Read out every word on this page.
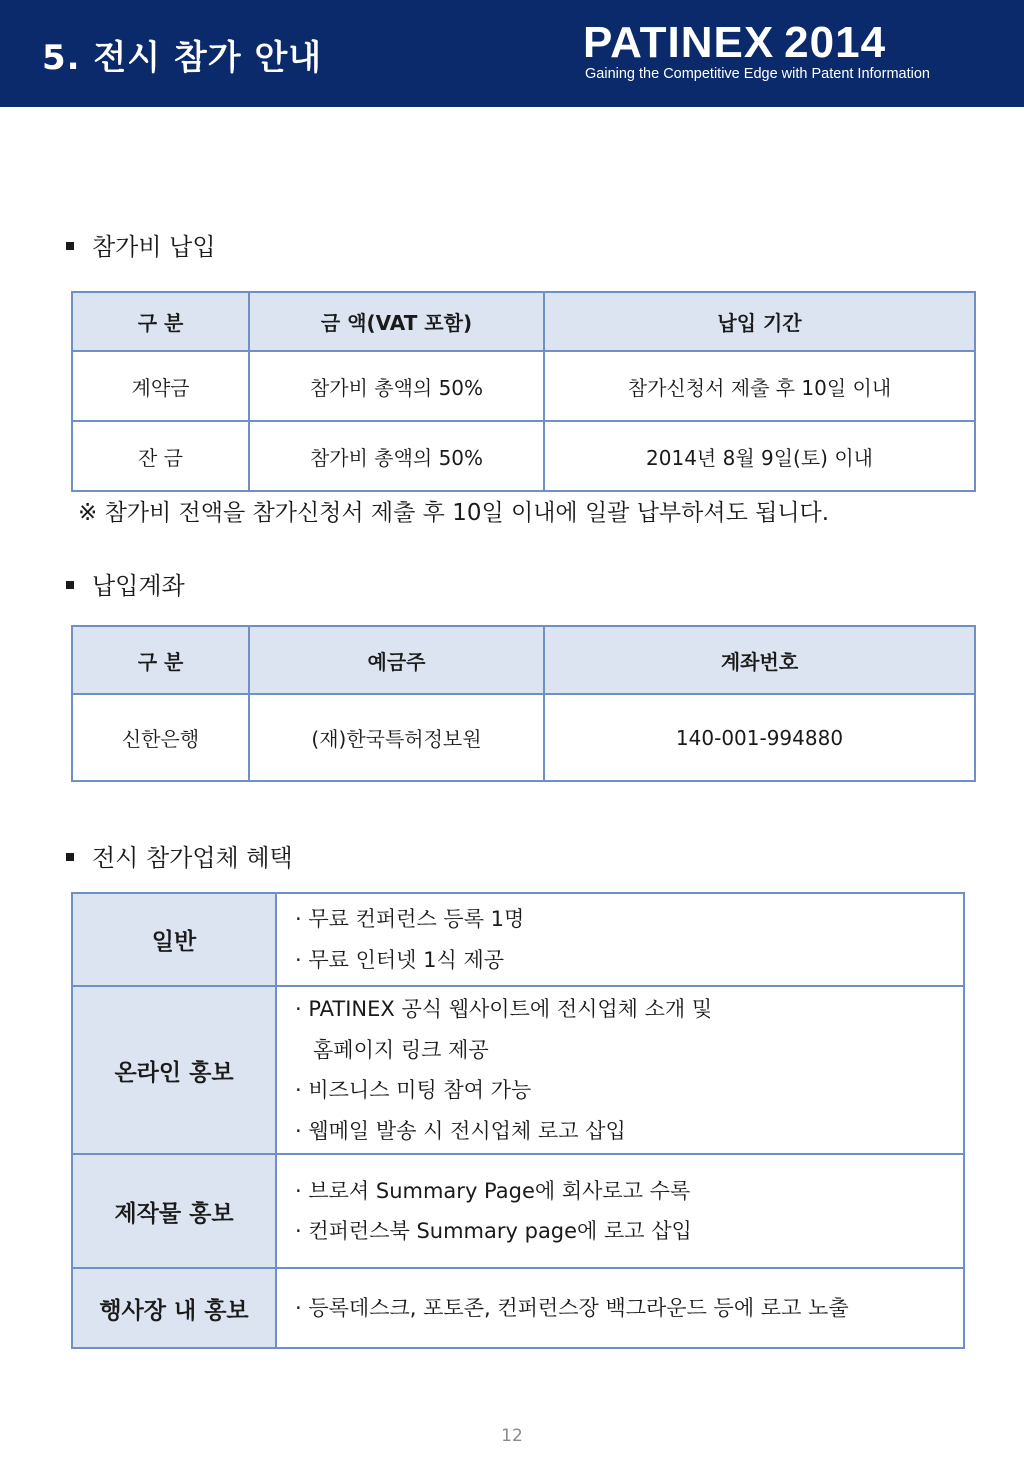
5. 전시 참가 안내	PATINEX 2014
Gaining the Competitive Edge with Patent Information
참가비 납입
구 분	금 액(VAT 포함)	납입 기간
계약금	참가비 총액의 50%	참가신청서 제출 후 10일 이내
잔 금	참가비 총액의 50%	2014년 8월 9일(토) 이내
※ 참가비 전액을 참가신청서 제출 후 10일 이내에 일괄 납부하셔도 됩니다.
납입계좌
구 분	예금주	계좌번호
신한은행	(재)한국특허정보원	140-001-994880
전시 참가업체 혜택
일반	· 무료 컨퍼런스 등록 1명
· 무료 인터넷 1식 제공

온라인 홍보	· PATINEX 공식 웹사이트에 전시업체 소개 및
홈페이지 링크 제공
· 비즈니스 미팅 참여 가능
· 웹메일 발송 시 전시업체 로고 삽입

제작물 홍보	· 브로셔 Summary Page에 회사로고 수록
· 컨퍼런스북 Summary page에 로고 삽입

행사장 내 홍보	· 등록데스크, 포토존, 컨퍼런스장 백그라운드 등에 로고 노출
12
